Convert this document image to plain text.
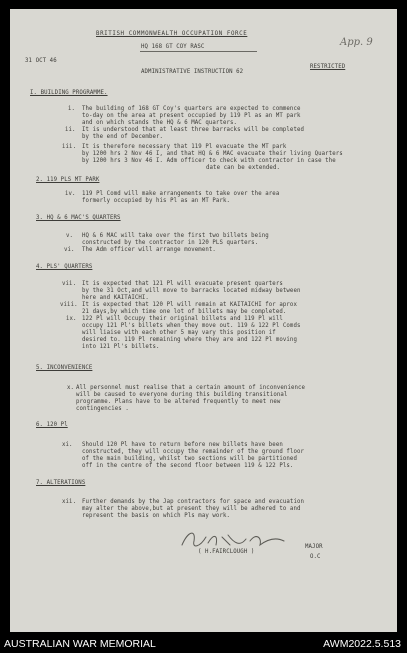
BRITISH COMMONWEALTH OCCUPATION FORCE
HQ 168 GT COY RASC
31 OCT 46
ADMINISTRATIVE INSTRUCTION 62
RESTRICTED
App. 9
I. BUILDING PROGRAMME.
i. The building of 168 GT Coy's quarters are expected to commence
to-day on the area at present occupied by 119 Pl as an MT park
and on which stands the HQ & 6 MAC quarters.
ii. It is understood that at least three barracks will be completed
by the end of December.
iii. It is therefore necessary that 119 Pl evacuate the MT park
by 1200 hrs 2 Nov 46 I, and that HQ & 6 MAC evacuate their living Quarters
by 1200 hrs 3 Nov 46 I. Adm officer to check with contractor in case the
date can be extended.
2. 119 PLS MT PARK
iv. 119 Pl Comd will make arrangements to take over the area
formerly occupied by his Pl as an MT Park.
3. HQ & 6 MAC'S QUARTERS
v. HQ & 6 MAC will take over the first two billets being
constructed by the contractor in 120 PLS quarters.
vi. The Adm officer will arrange movement.
4. PLS' QUARTERS
vii. It is expected that 121 Pl will evacuate present quarters
by the 31 Oct,and will move to barracks located midway between
here and KAITAICHI.
viii. It is expected that 120 Pl will remain at KAITAICHI for aprox
21 days,by which time one lot of billets may be completed.
ix. 122 Pl will Occupy their original billets and 119 Pl will
occupy 121 Pl's billets when they move out. 119 & 122 Pl Comds
will liaise with each other 5 may vary this position if
desired to. 119 Pl remaining where they are and 122 Pl moving
into 121 Pl's billets.
5. INCONVENIENCE
x. All personnel must realise that a certain amount of inconvenience
will be caused to everyone during this building transitional
programme. Plans have to be altered frequently to meet new
contingencies .
6. 120 Pl
xi. Should 120 Pl have to return before new billets have been
constructed, they will occupy the remainder of the ground floor
of the main building, whilst two sections will be partitioned
off in the centre of the second floor between 119 & 122 Pls.
7. ALTERATIONS
xii. Further demands by the Jap contractors for space and evacuation
may alter the above,but at present they will be adhered to and
represent the basis on which Pls may work.
( H.FAIRCLOUGH )
MAJOR
O.C
AUSTRALIAN WAR MEMORIAL	AWM2022.5.513
